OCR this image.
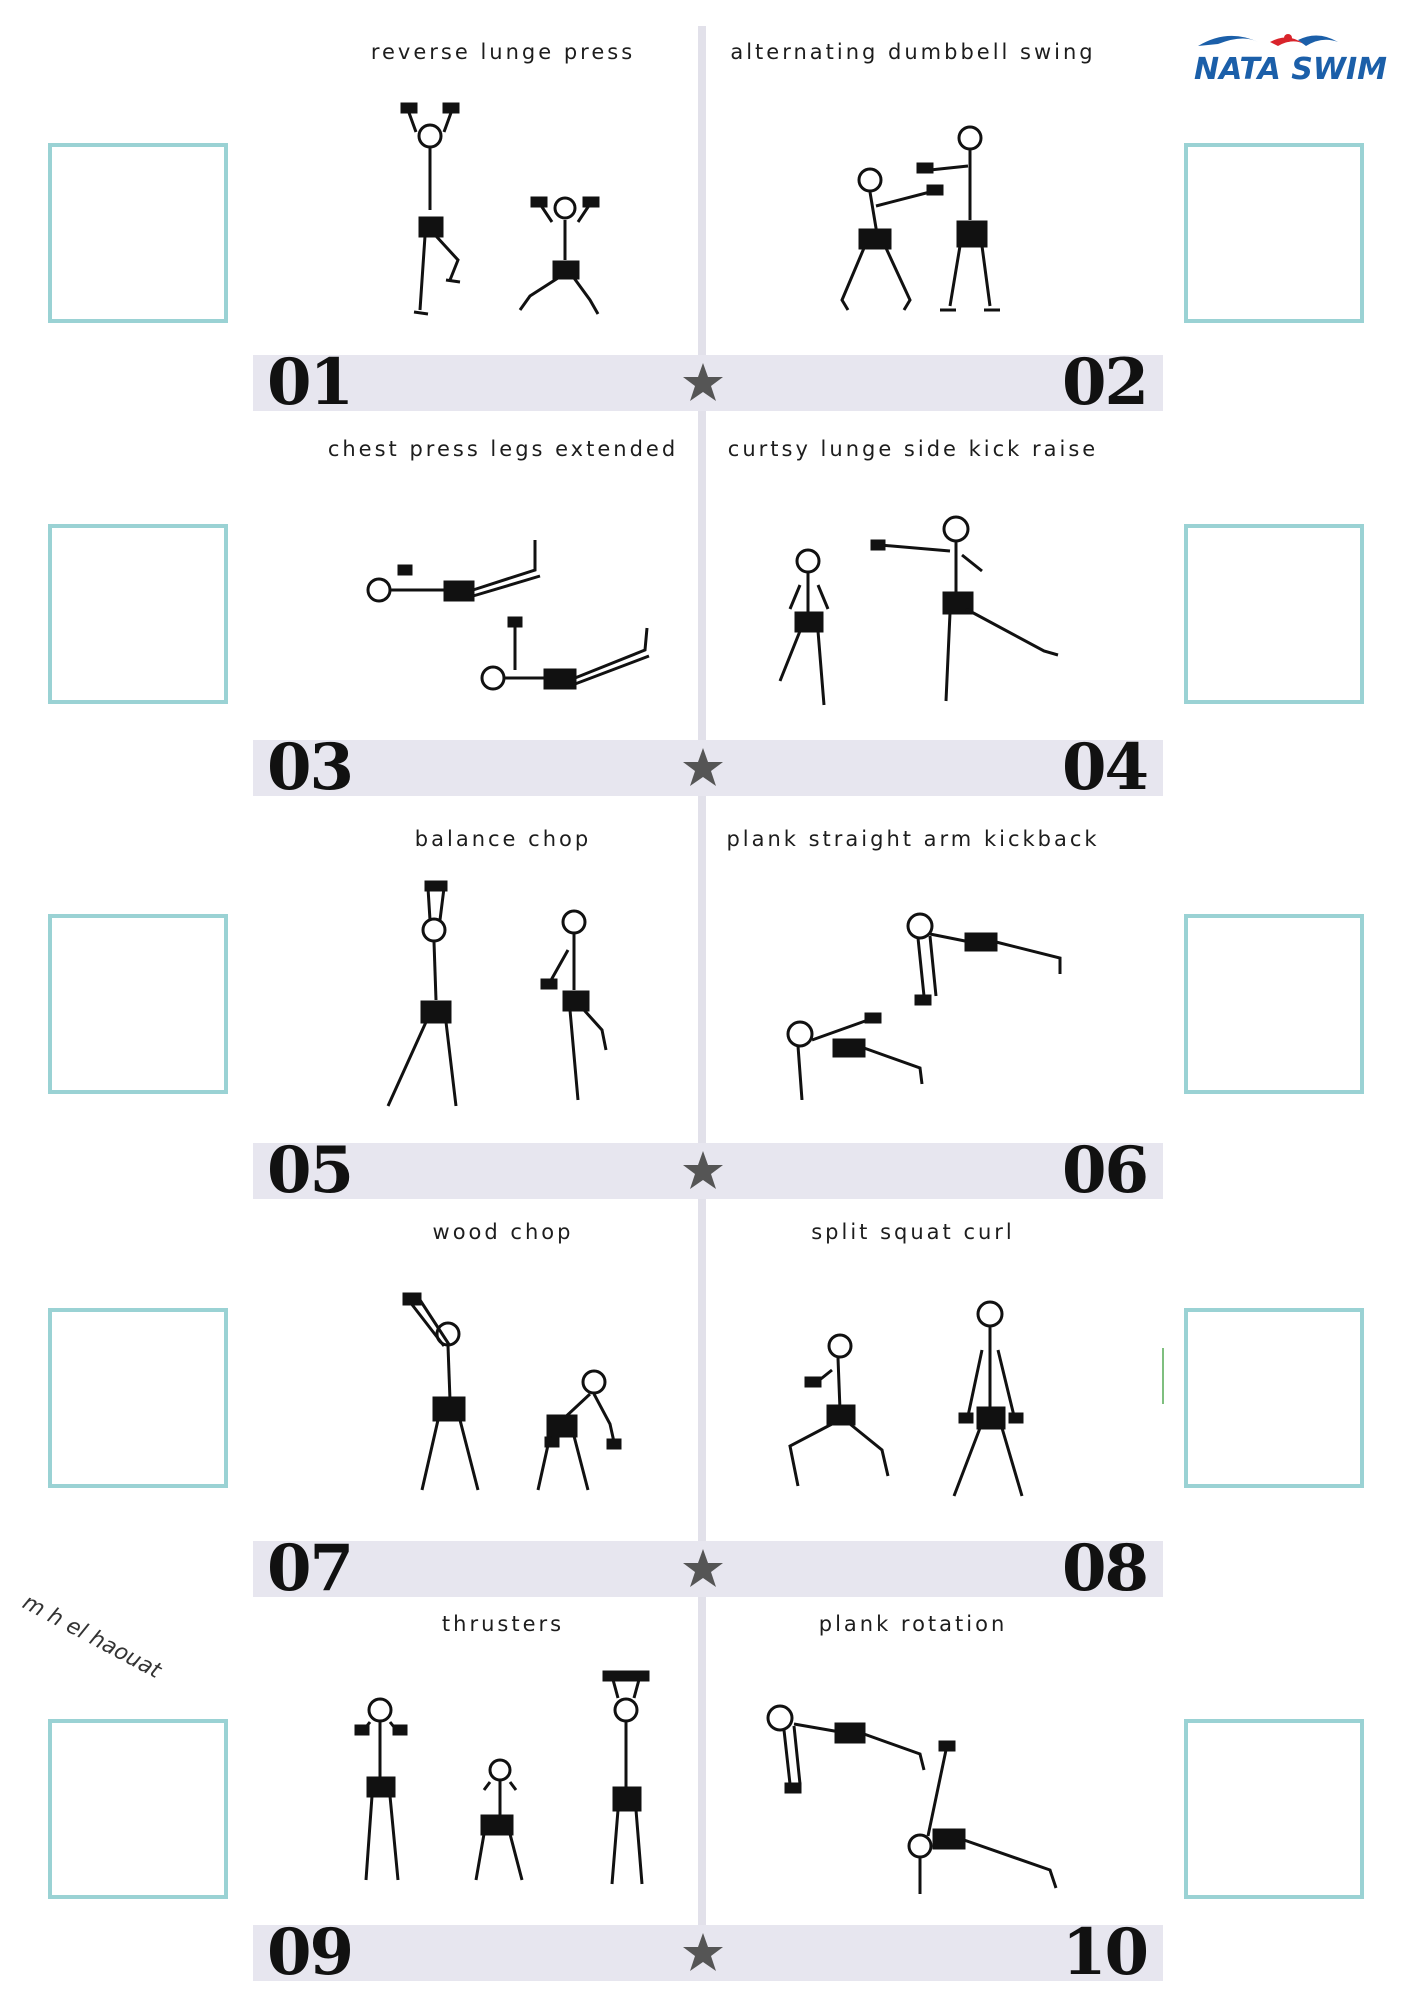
NATA SWIM
reverse lunge press	alternating dumbbell swing
01	02
chest press legs extended	curtsy lunge side kick raise
03	04
balance chop	plank straight arm kickback
05	06
wood chop	split squat curl
07	08
thrusters	plank rotation
09	10
m h el haouat
